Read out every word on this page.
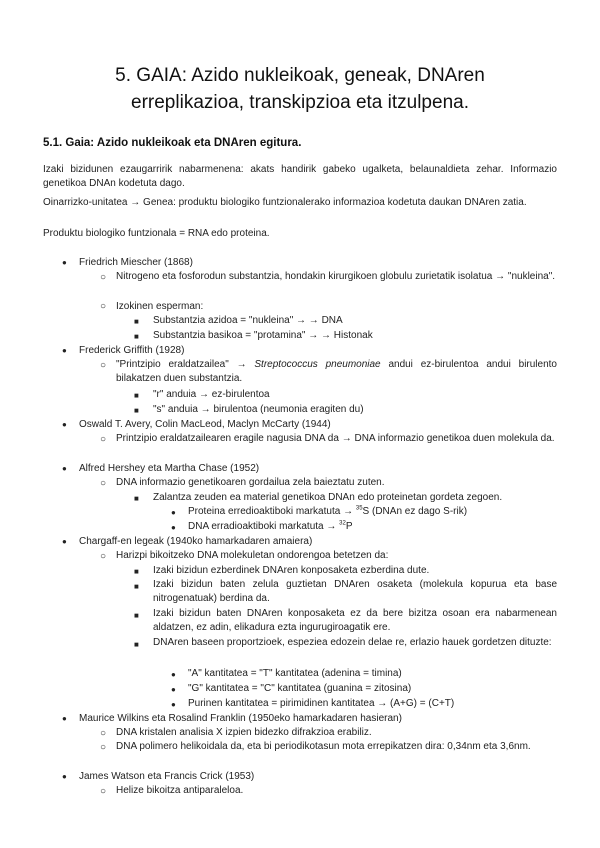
5. GAIA: Azido nukleikoak, geneak, DNAren
erreplikazioa, transkipzioa eta itzulpena.
5.1. Gaia: Azido nukleikoak eta DNAren egitura.
Izaki bizidunen ezaugarririk nabarmenena: akats handirik gabeko ugalketa, belaunaldieta zehar. Informazio genetikoa DNAn kodetuta dago.
Oinarrizko-unitatea → Genea: produktu biologiko funtzionalerako informazioa kodetuta daukan DNAren zatia.
Produktu biologiko funtzionala = RNA edo proteina.
● Friedrich Miescher (1868)
○ Nitrogeno eta fosforodun substantzia, hondakin kirurgikoen globulu zurietatik isolatua → "nukleina".
○ Izokinen esperman:
■ Substantzia azidoa = "nukleina" → → DNA
■ Substantzia basikoa = "protamina" → → Histonak
● Frederick Griffith (1928)
○ "Printzipio eraldatzailea" → Streptococcus pneumoniae andui ez-birulentoa andui birulento bilakatzen duen substantzia.
■ "r" anduia → ez-birulentoa
■ "s" anduia → birulentoa (neumonia eragiten du)
● Oswald T. Avery, Colin MacLeod, Maclyn McCarty (1944)
○ Printzipio eraldatzailearen eragile nagusia DNA da → DNA informazio genetikoa duen molekula da.
● Alfred Hershey eta Martha Chase (1952)
○ DNA informazio genetikoaren gordailua zela baieztatu zuten.
■ Zalantza zeuden ea material genetikoa DNAn edo proteinetan gordeta zegoen.
● Proteina erredioaktiboki markatuta → $^{35}$S (DNAn ez dago S-rik)
● DNA erradioaktiboki markatuta → $^{32}$P
● Chargaff-en legeak (1940ko hamarkadaren amaiera)
○ Harizpi bikoitzeko DNA molekuletan ondorengoa betetzen da:
■ Izaki bizidun ezberdinek DNAren konposaketa ezberdina dute.
■ Izaki bizidun baten zelula guztietan DNAren osaketa (molekula kopurua eta base nitrogenatuak) berdina da.
■ Izaki bizidun baten DNAren konposaketa ez da bere bizitza osoan era nabarmenean aldatzen, ez adin, elikadura ezta ingurugiroagatik ere.
■ DNAren baseen proportzioek, espeziea edozein delae re, erlazio hauek gordetzen dituzte:
● "A" kantitatea = "T" kantitatea (adenina = timina)
● "G" kantitatea = "C" kantitatea (guanina = zitosina)
● Purinen kantitatea = pirimidinen kantitatea → (A+G) = (C+T)
● Maurice Wilkins eta Rosalind Franklin (1950eko hamarkadaren hasieran)
○ DNA kristalen analisia X izpien bidezko difrakzioa erabiliz.
○ DNA polimero helikoidala da, eta bi periodikotasun mota errepikatzen dira: 0,34nm eta 3,6nm.
● James Watson eta Francis Crick (1953)
○ Helize bikoitza antiparaleloa.
